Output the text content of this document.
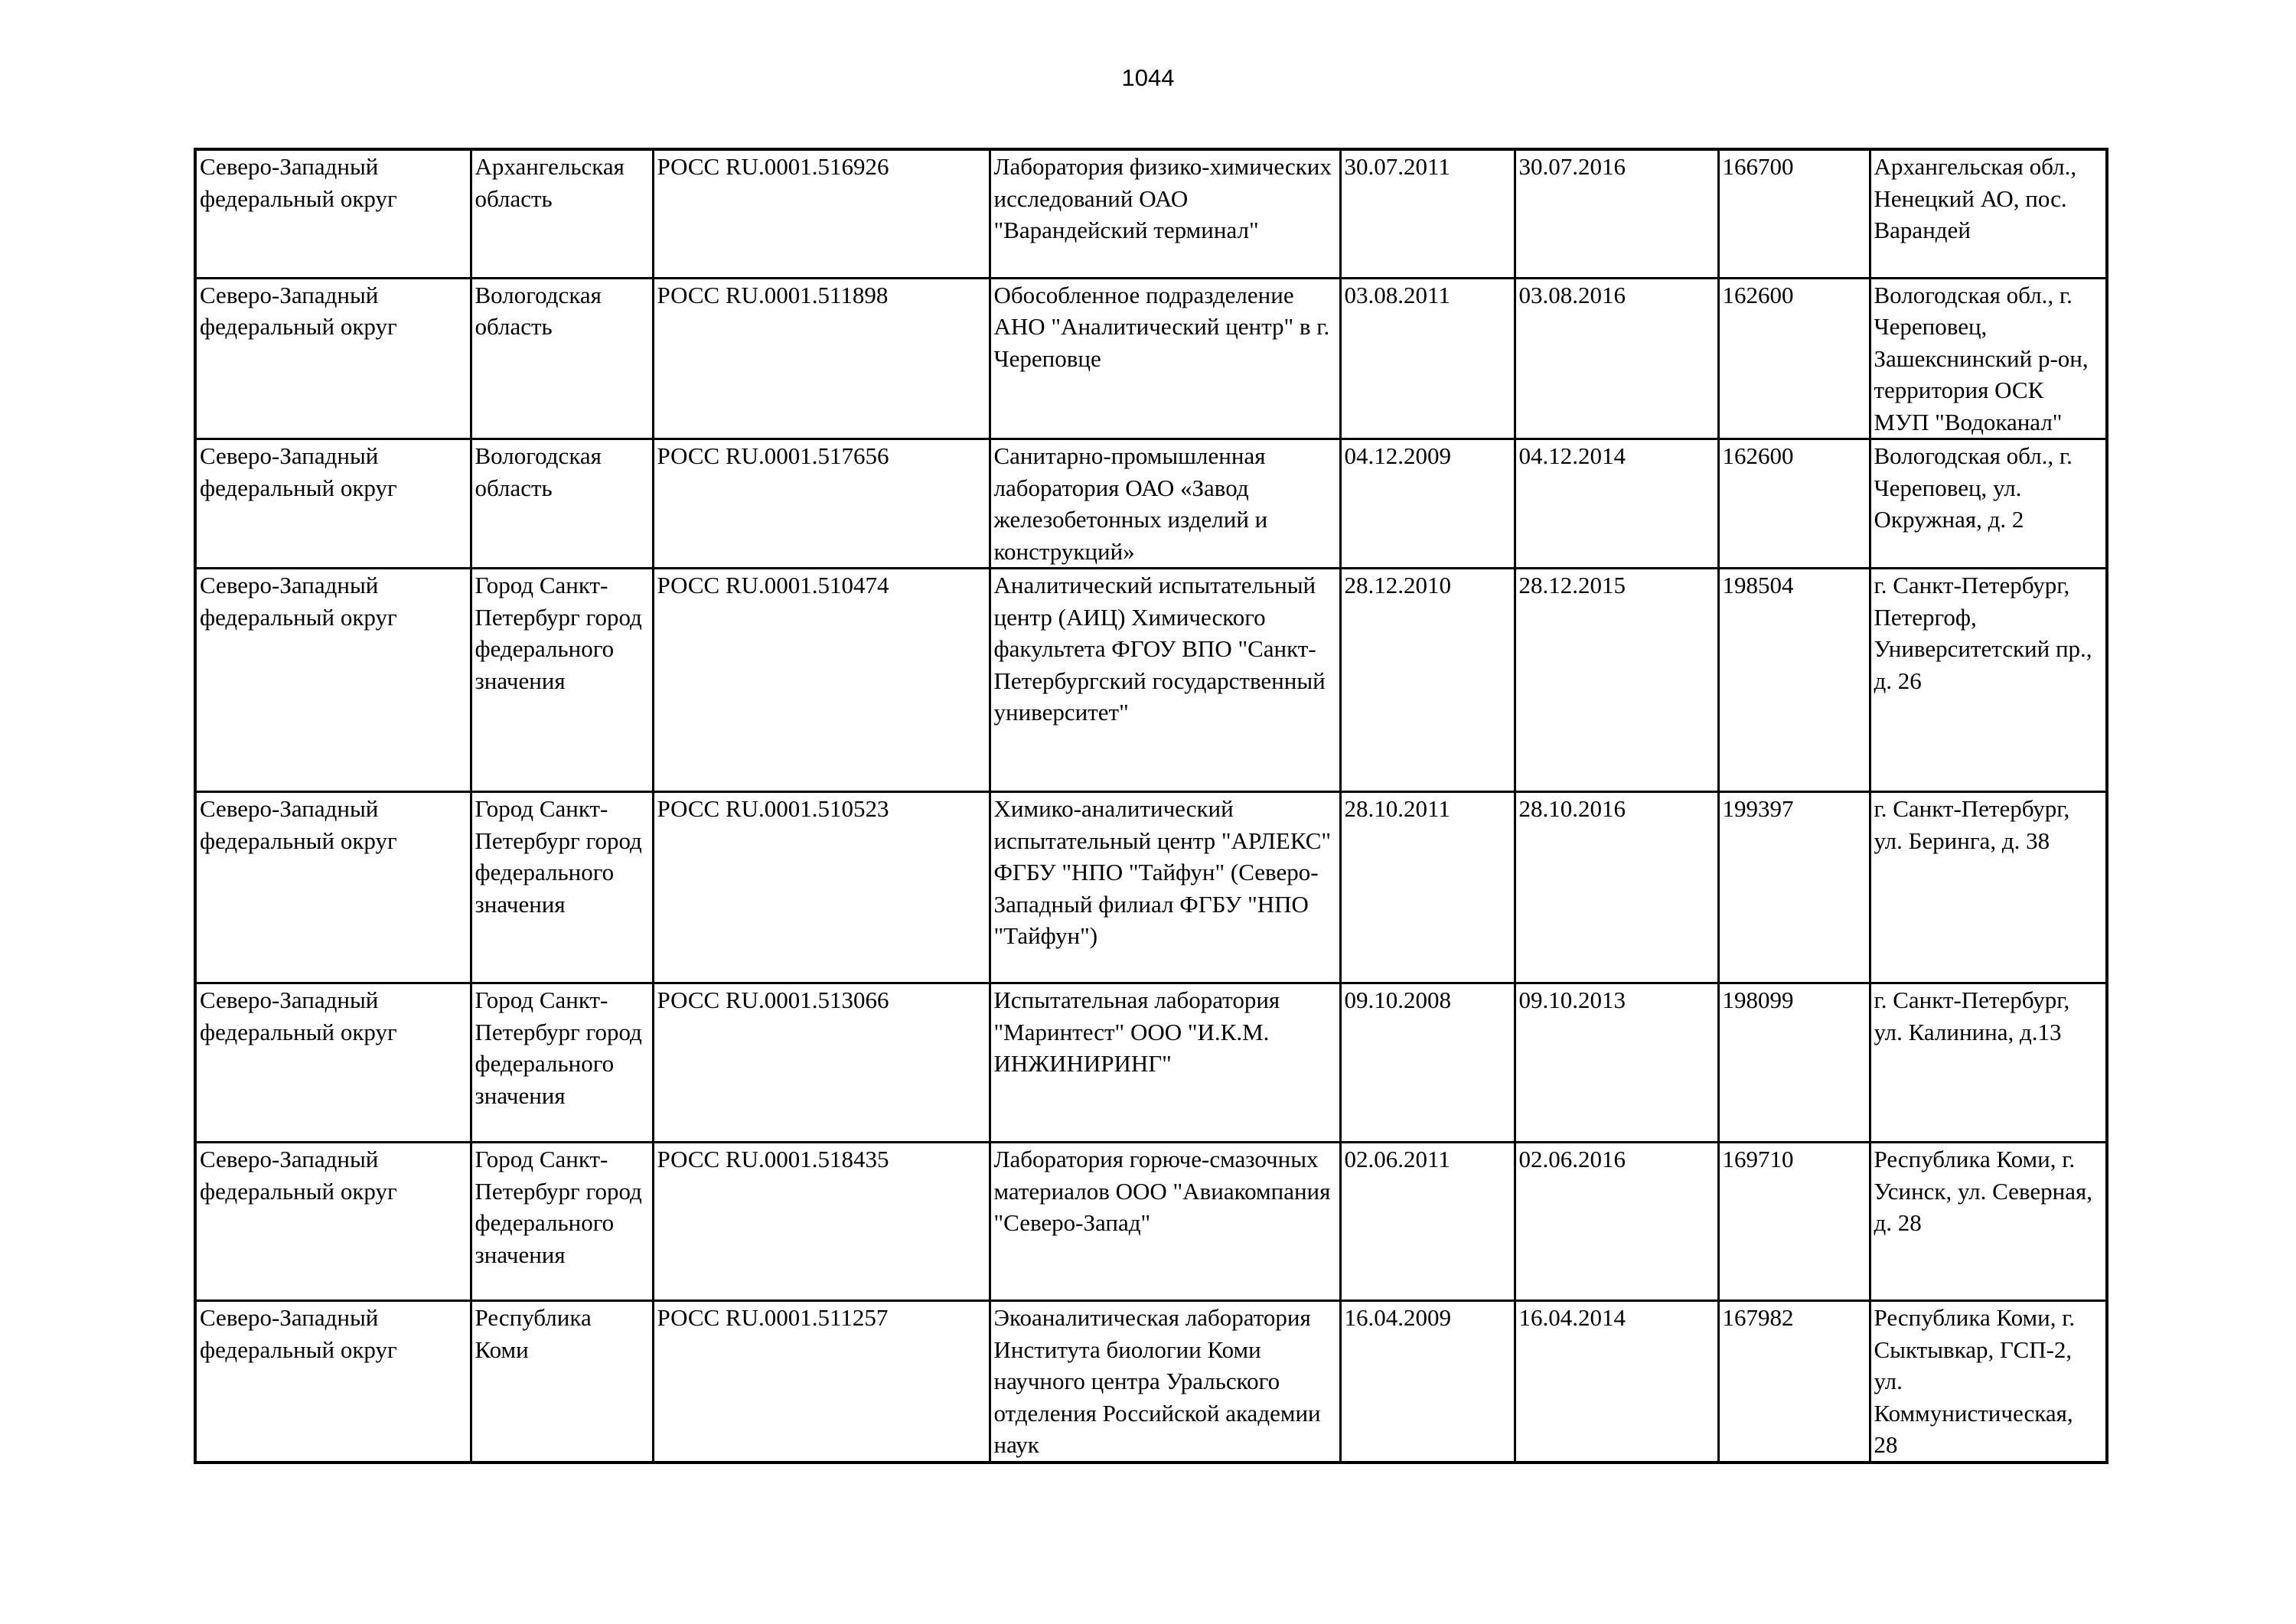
1044
Северо-Западный федеральный округ	Архангельская область	РОСС RU.0001.516926	Лаборатория физико-химических исследований ОАО "Варандейский терминал"	30.07.2011	30.07.2016	166700	Архангельская обл., Ненецкий АО, пос. Варандей
Северо-Западный федеральный округ	Вологодская область	РОСС RU.0001.511898	Обособленное подразделение АНО "Аналитический центр" в г. Череповце	03.08.2011	03.08.2016	162600	Вологодская обл., г. Череповец, Зашекснинский р-он, территория ОСК МУП "Водоканал"
Северо-Западный федеральный округ	Вологодская область	РОСС RU.0001.517656	Санитарно-промышленная лаборатория ОАО «Завод железобетонных изделий и конструкций»	04.12.2009	04.12.2014	162600	Вологодская обл., г. Череповец, ул. Окружная, д. 2
Северо-Западный федеральный округ	Город Санкт-Петербург город федерального значения	РОСС RU.0001.510474	Аналитический испытательный центр (АИЦ) Химического факультета ФГОУ ВПО "Санкт-Петербургский государственный университет"	28.12.2010	28.12.2015	198504	г. Санкт-Петербург, Петергоф, Университетский пр., д. 26
Северо-Западный федеральный округ	Город Санкт-Петербург город федерального значения	РОСС RU.0001.510523	Химико-аналитический испытательный центр "АРЛЕКС" ФГБУ "НПО "Тайфун" (Северо-Западный филиал ФГБУ "НПО "Тайфун")	28.10.2011	28.10.2016	199397	г. Санкт-Петербург, ул. Беринга, д. 38
Северо-Западный федеральный округ	Город Санкт-Петербург город федерального значения	РОСС RU.0001.513066	Испытательная лаборатория "Маринтест" ООО "И.К.М. ИНЖИНИРИНГ"	09.10.2008	09.10.2013	198099	г. Санкт-Петербург, ул. Калинина, д.13
Северо-Западный федеральный округ	Город Санкт-Петербург город федерального значения	РОСС RU.0001.518435	Лаборатория горюче-смазочных материалов ООО "Авиакомпания "Северо-Запад"	02.06.2011	02.06.2016	169710	Республика Коми, г. Усинск, ул. Северная, д. 28
Северо-Западный федеральный округ	Республика Коми	РОСС RU.0001.511257	Экоаналитическая лаборатория Института биологии Коми научного центра Уральского отделения Российской академии наук	16.04.2009	16.04.2014	167982	Республика Коми, г. Сыктывкар, ГСП-2, ул. Коммунистическая, 28
